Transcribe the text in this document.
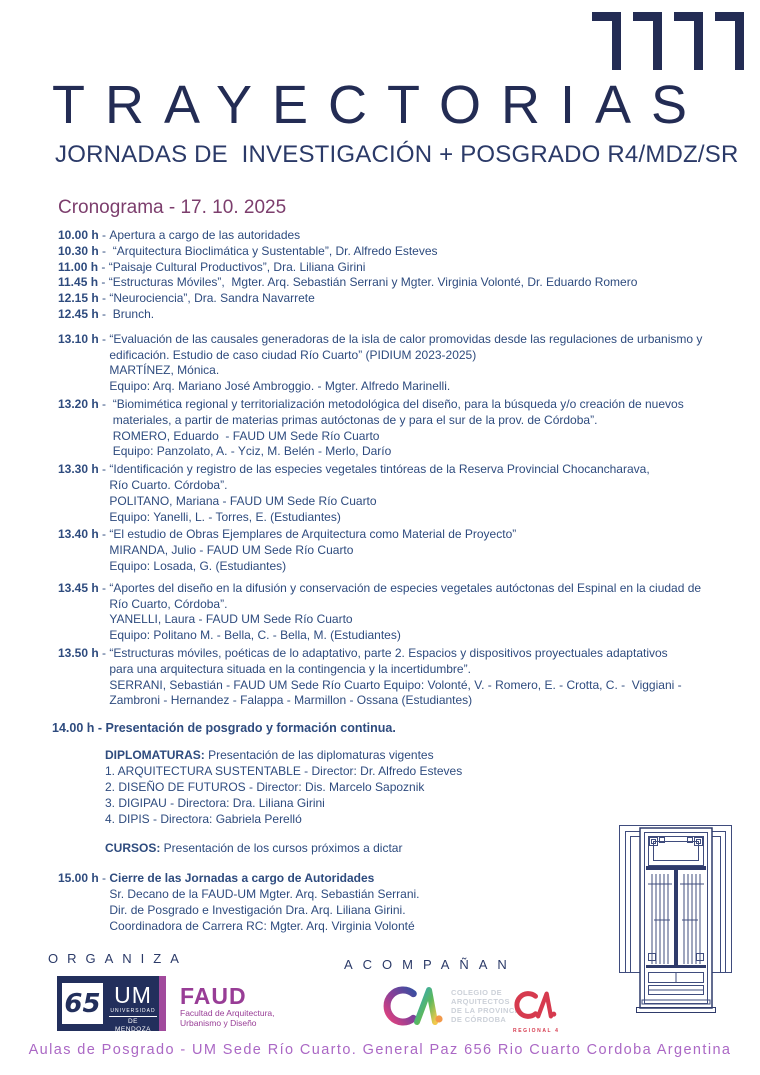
TRAYECTORIAS
JORNADAS DE  INVESTIGACIÓN + POSGRADO R4/MDZ/SR
Cronograma - 17. 10. 2025
10.00 h - Apertura a cargo de las autoridades
10.30 h - “Arquitectura Bioclimática y Sustentable”, Dr. Alfredo Esteves
11.00 h - “Paisaje Cultural Productivos”, Dra. Liliana Girini
11.45 h - “Estructuras Móviles”,  Mgter. Arq. Sebastián Serrani y Mgter. Virginia Volonté, Dr. Eduardo Romero
12.15 h - “Neurociencia”, Dra. Sandra Navarrete
12.45 h - Brunch.
13.10 h - “Evaluación de las causales generadoras de la isla de calor promovidas desde las regulaciones de urbanismo y
edificación. Estudio de caso ciudad Río Cuarto” (PIDIUM 2023-2025)
MARTÍNEZ, Mónica.
Equipo: Arq. Mariano José Ambroggio. - Mgter. Alfredo Marinelli.
13.20 h - “Biomimética regional y territorialización metodológica del diseño, para la búsqueda y/o creación de nuevos
materiales, a partir de materias primas autóctonas de y para el sur de la prov. de Córdoba”.
ROMERO, Eduardo  - FAUD UM Sede Río Cuarto
Equipo: Panzolato, A. - Yciz, M. Belén - Merlo, Darío
13.30 h - “Identificación y registro de las especies vegetales tintóreas de la Reserva Provincial Chocancharava,
Río Cuarto. Córdoba”.
POLITANO, Mariana - FAUD UM Sede Río Cuarto
Equipo: Yanelli, L. - Torres, E. (Estudiantes)
13.40 h - “El estudio de Obras Ejemplares de Arquitectura como Material de Proyecto”
MIRANDA, Julio - FAUD UM Sede Río Cuarto
Equipo: Losada, G. (Estudiantes)
13.45 h - “Aportes del diseño en la difusión y conservación de especies vegetales autóctonas del Espinal en la ciudad de
Río Cuarto, Córdoba”.
YANELLI, Laura - FAUD UM Sede Río Cuarto
Equipo: Politano M. - Bella, C. - Bella, M. (Estudiantes)
13.50 h - “Estructuras móviles, poéticas de lo adaptativo, parte 2. Espacios y dispositivos proyectuales adaptativos
para una arquitectura situada en la contingencia y la incertidumbre”.
SERRANI, Sebastián - FAUD UM Sede Río Cuarto Equipo: Volonté, V. - Romero, E. - Crotta, C. -  Viggiani -
Zambroni - Hernandez - Falappa - Marmillon - Ossana (Estudiantes)
14.00 h - Presentación de posgrado y formación continua.
DIPLOMATURAS: Presentación de las diplomaturas vigentes
1. ARQUITECTURA SUSTENTABLE - Director: Dr. Alfredo Esteves
2. DISEÑO DE FUTUROS - Director: Dis. Marcelo Sapoznik
3. DIGIPAU - Directora: Dra. Liliana Girini
4. DIPIS - Directora: Gabriela Perelló
CURSOS: Presentación de los cursos próximos a dictar
15.00 h - Cierre de las Jornadas a cargo de Autoridades
Sr. Decano de la FAUD-UM Mgter. Arq. Sebastián Serrani.
Dir. de Posgrado e Investigación Dra. Arq. Liliana Girini.
Coordinadora de Carrera RC: Mgter. Arq. Virginia Volonté
ORGANIZA	ACOMPAÑAN
65 UM
UNIVERSIDAD
DE MENDOZA
FAUD
Facultad de Arquitectura,
Urbanismo y Diseño
COLEGIO DE
ARQUITECTOS
DE LA PROVINCIA
DE CÓRDOBA
REGIONAL 4
Aulas de Posgrado - UM Sede Río Cuarto. General Paz 656 Rio Cuarto Cordoba Argentina
